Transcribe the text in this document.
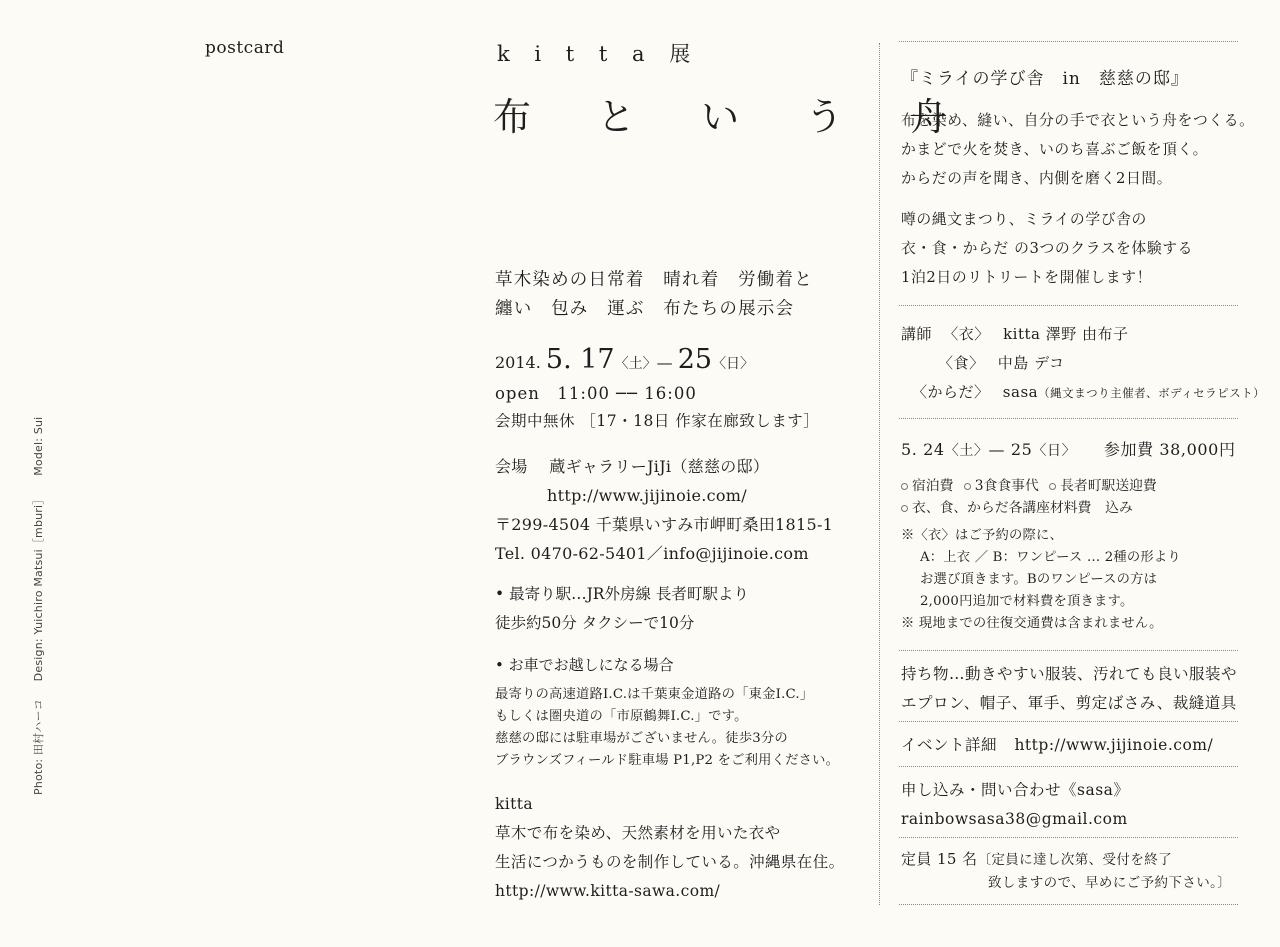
postcard
Photo: 田村ハーコ Design: Yuichiro Matsui［mburi］ Model: Sui
k i t t a 展
布 と い う 舟
草木染めの日常着　晴れ着　労働着と
纏い　包み　運ぶ　布たちの展示会
2014. 5. 17〈土〉— 25〈日〉
open　11:00 ── 16:00
会期中無休 ［17・18日 作家在廊致します］
会場　 蔵ギャラリーJiJi（慈慈の邸）
http://www.jijinoie.com/
〒299-4504 千葉県いすみ市岬町桑田1815-1
Tel. 0470-62-5401／info@jijinoie.com
• 最寄り駅…JR外房線 長者町駅より
徒歩約50分 タクシーで10分
• お車でお越しになる場合
最寄りの高速道路I.C.は千葉東金道路の「東金I.C.」
もしくは圏央道の「市原鶴舞I.C.」です。
慈慈の邸には駐車場がございません。徒歩3分の
ブラウンズフィールド駐車場 P1,P2 をご利用ください。
kitta
草木で布を染め、天然素材を用いた衣や
生活につかうものを制作している。沖縄県在住。
http://www.kitta-sawa.com/
『ミライの学び舎　in　慈慈の邸』
布を染め、縫い、自分の手で衣という舟をつくる。
かまどで火を焚き、いのち喜ぶご飯を頂く。
からだの声を聞き、内側を磨く2日間。
噂の縄文まつり、ミライの学び舎の
衣・食・からだ の3つのクラスを体験する
1泊2日のリトリートを開催します！
講師 〈衣〉 kitta 澤野 由布子
〈食〉 中島 デコ
〈からだ〉 sasa（縄文まつり主催者、ボディセラピスト）
5. 24〈土〉— 25〈日〉 参加費 38,000円
宿泊費 3食食事代 長者町駅送迎費
衣、食、からだ各講座材料費　込み
※〈衣〉はご予約の際に、
A：上衣 ／ B：ワンピース … 2種の形より
お選び頂きます。Bのワンピースの方は
2,000円追加で材料費を頂きます。
※ 現地までの往復交通費は含まれません。
持ち物…動きやすい服装、汚れても良い服装や
エプロン、帽子、軍手、剪定ばさみ、裁縫道具
イベント詳細 http://www.jijinoie.com/
申し込み・問い合わせ《sasa》
rainbowsasa38@gmail.com
定員 15 名〔定員に達し次第、受付を終了
致しますので、早めにご予約下さい。〕
